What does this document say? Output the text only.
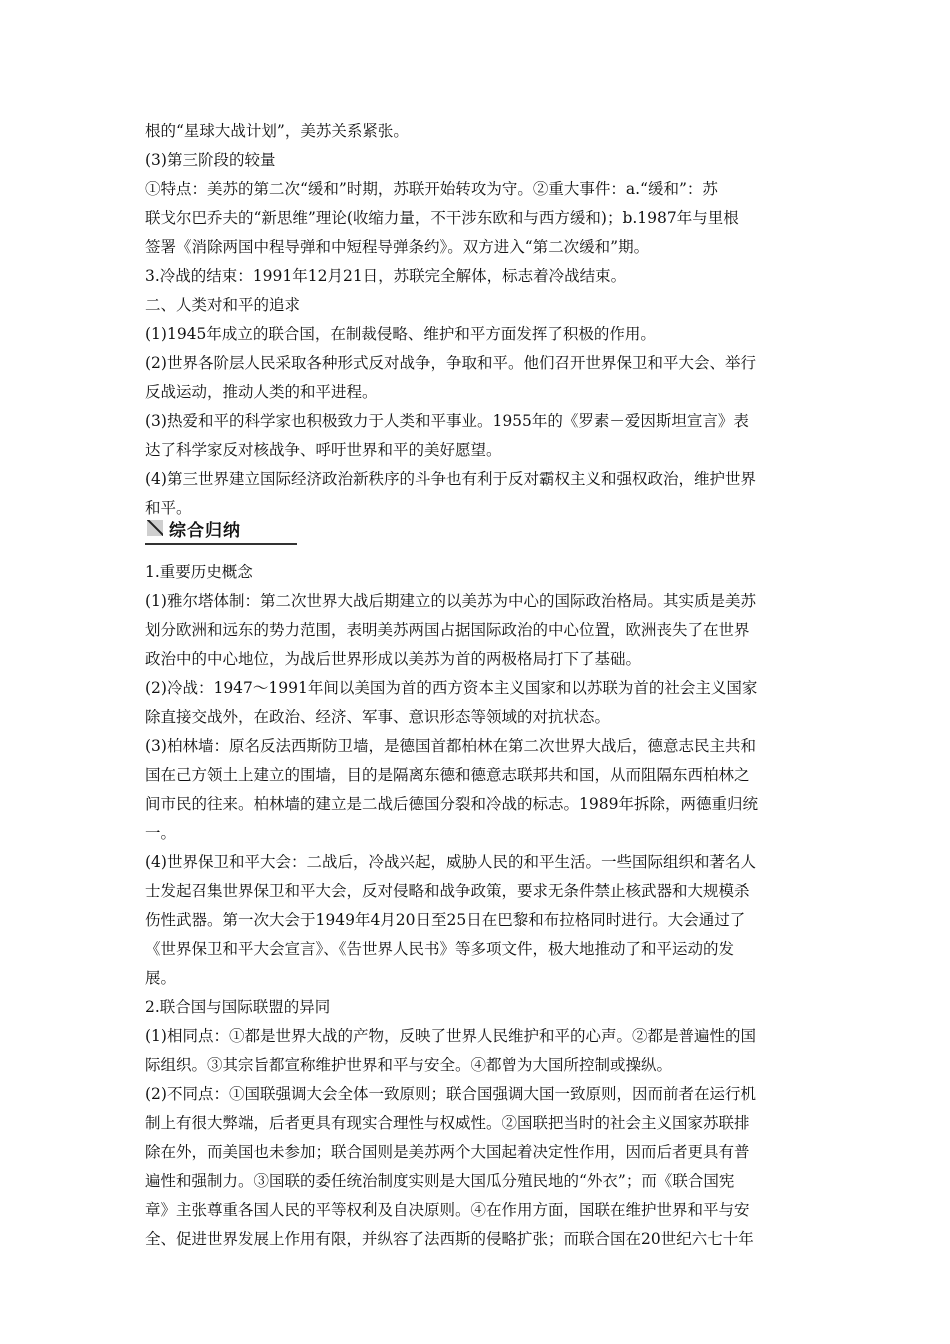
根的“星球大战计划”，美苏关系紧张。
(3)第三阶段的较量
①特点：美苏的第二次“缓和”时期，苏联开始转攻为守。②重大事件：a.“缓和”：苏
联戈尔巴乔夫的“新思维”理论(收缩力量，不干涉东欧和与西方缓和)；b.1987年与里根
签署《消除两国中程导弹和中短程导弹条约》。双方进入“第二次缓和”期。
3.冷战的结束：1991年12月21日，苏联完全解体，标志着冷战结束。
二、人类对和平的追求
(1)1945年成立的联合国，在制裁侵略、维护和平方面发挥了积极的作用。
(2)世界各阶层人民采取各种形式反对战争，争取和平。他们召开世界保卫和平大会、举行
反战运动，推动人类的和平进程。
(3)热爱和平的科学家也积极致力于人类和平事业。1955年的《罗素－爱因斯坦宣言》表
达了科学家反对核战争、呼吁世界和平的美好愿望。
(4)第三世界建立国际经济政治新秩序的斗争也有利于反对霸权主义和强权政治，维护世界
和平。
综合归纳
1.重要历史概念
(1)雅尔塔体制：第二次世界大战后期建立的以美苏为中心的国际政治格局。其实质是美苏
划分欧洲和远东的势力范围，表明美苏两国占据国际政治的中心位置，欧洲丧失了在世界
政治中的中心地位，为战后世界形成以美苏为首的两极格局打下了基础。
(2)冷战：1947～1991年间以美国为首的西方资本主义国家和以苏联为首的社会主义国家
除直接交战外，在政治、经济、军事、意识形态等领域的对抗状态。
(3)柏林墙：原名反法西斯防卫墙，是德国首都柏林在第二次世界大战后，德意志民主共和
国在己方领土上建立的围墙，目的是隔离东德和德意志联邦共和国，从而阻隔东西柏林之
间市民的往来。柏林墙的建立是二战后德国分裂和冷战的标志。1989年拆除，两德重归统
一。
(4)世界保卫和平大会：二战后，冷战兴起，威胁人民的和平生活。一些国际组织和著名人
士发起召集世界保卫和平大会，反对侵略和战争政策，要求无条件禁止核武器和大规模杀
伤性武器。第一次大会于1949年4月20日至25日在巴黎和布拉格同时进行。大会通过了
《世界保卫和平大会宣言》、《告世界人民书》等多项文件，极大地推动了和平运动的发
展。
2.联合国与国际联盟的异同
(1)相同点：①都是世界大战的产物，反映了世界人民维护和平的心声。②都是普遍性的国
际组织。③其宗旨都宣称维护世界和平与安全。④都曾为大国所控制或操纵。
(2)不同点：①国联强调大会全体一致原则；联合国强调大国一致原则，因而前者在运行机
制上有很大弊端，后者更具有现实合理性与权威性。②国联把当时的社会主义国家苏联排
除在外，而美国也未参加；联合国则是美苏两个大国起着决定性作用，因而后者更具有普
遍性和强制力。③国联的委任统治制度实则是大国瓜分殖民地的“外衣”；而《联合国宪
章》主张尊重各国人民的平等权利及自决原则。④在作用方面，国联在维护世界和平与安
全、促进世界发展上作用有限，并纵容了法西斯的侵略扩张；而联合国在20世纪六七十年
